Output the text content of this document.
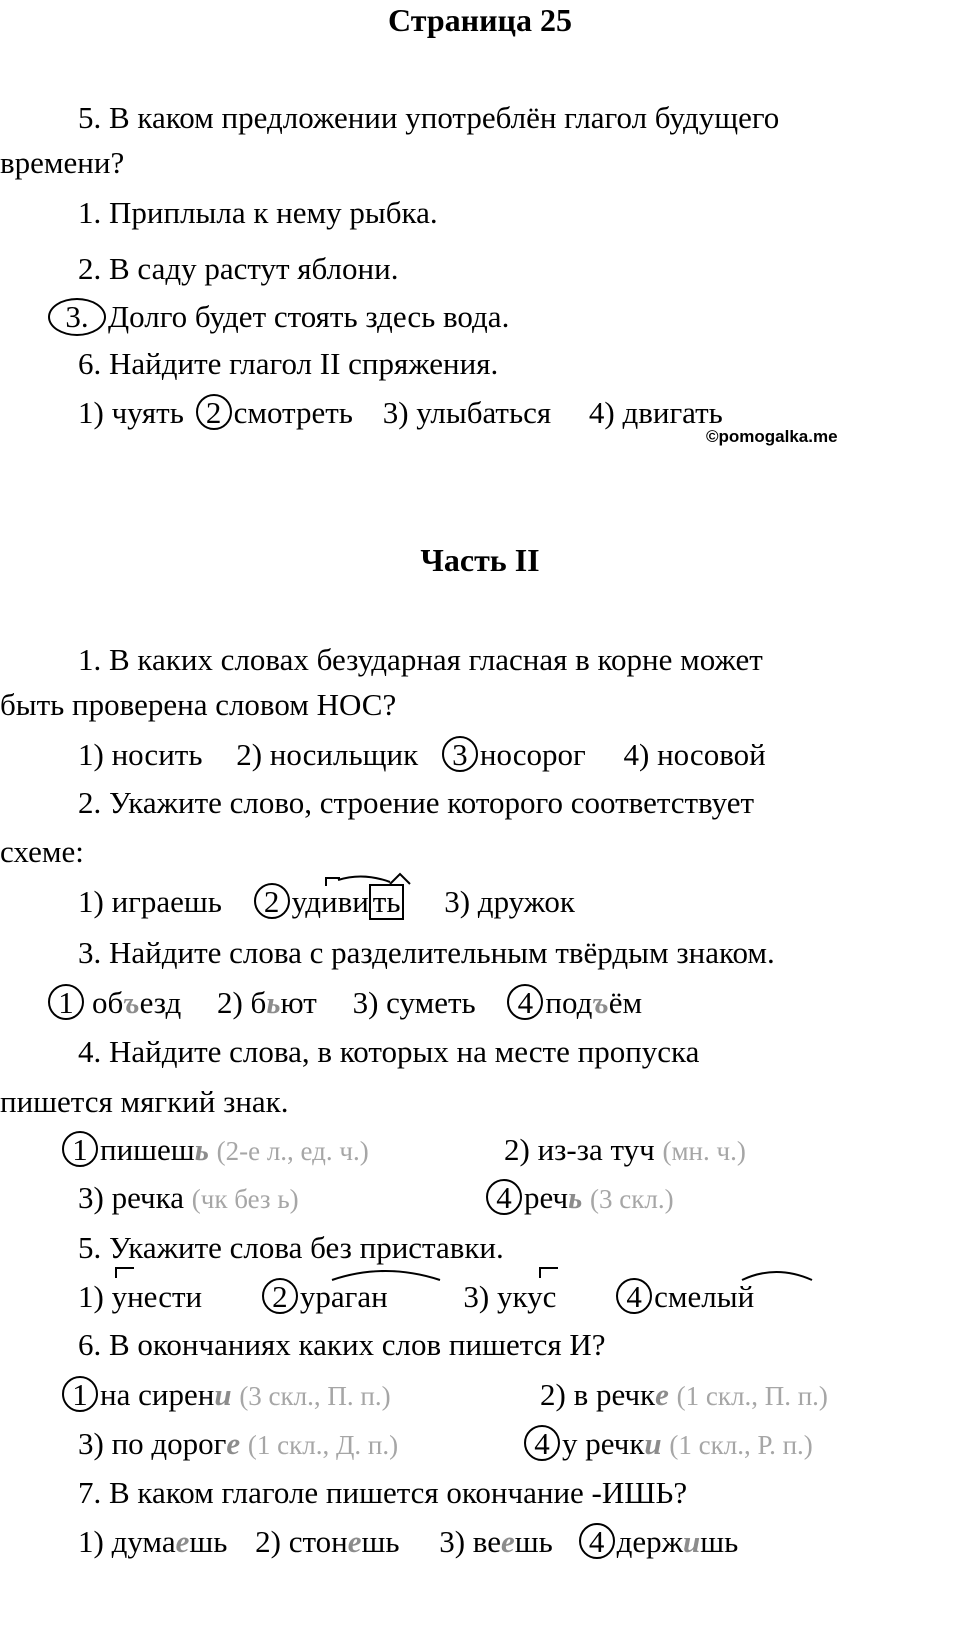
Страница 25
5. В каком предложении употреблён глагол будущего
времени?
1. Приплыла к нему рыбка.
2. В саду растут яблони.
3. Долго будет стоять здесь вода.
6. Найдите глагол II спряжения.
1) чуять 2 смотреть 3) улыбаться 4) двигать
©pomogalka.me
Часть II
1. В каких словах безударная гласная в корне может
быть проверена словом НОС?
1) носить 2) носильщик 3 носорог 4) носовой
2. Укажите слово, строение которого соответствует
схеме:
1) играешь 2 удиви ть 3) дружок
3. Найдите слова с разделительным твёрдым знаком.
1 объезд 2) бьют 3) суметь 4 подъём
4. Найдите слова, в которых на месте пропуска
пишется мягкий знак.
1 пишешь (2-е л., ед. ч.)	2) из-за туч (мн. ч.)
3) речка (чк без ь)	4 речь (3 скл.)
5. Укажите слова без приставки.
1) унести 2 ураган 3) укус 4 смелый
6. В окончаниях каких слов пишется И?
1 на сирени (3 скл., П. п.)	2) в речке (1 скл., П. п.)
3) по дороге (1 скл., Д. п.)	4 у речки (1 скл., Р. п.)
7. В каком глаголе пишется окончание -ИШЬ?
1) думаешь 2) стонешь 3) веешь 4 держишь
